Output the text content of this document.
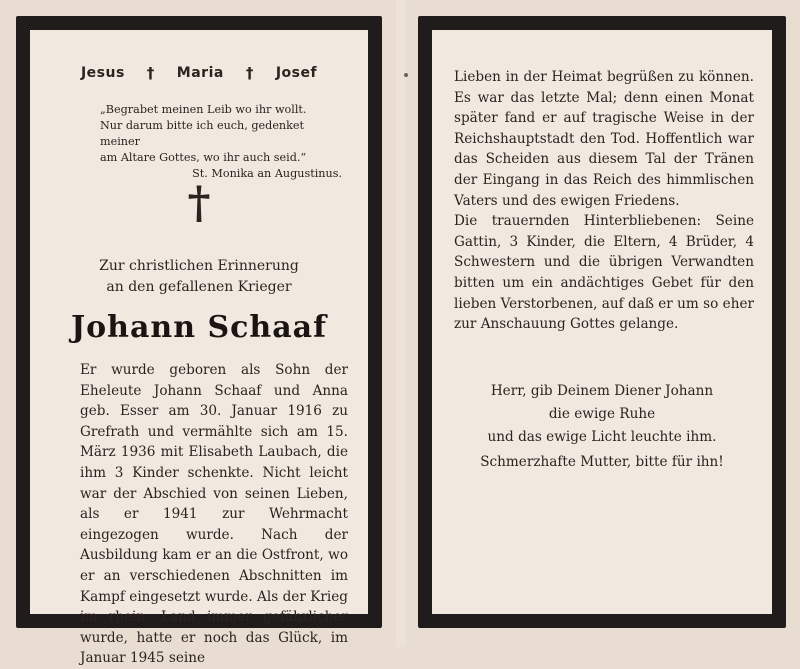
Jesus † Maria † Josef
„Begrabet meinen Leib wo ihr wollt.
Nur darum bitte ich euch, gedenket meiner
am Altare Gottes, wo ihr auch seid.“
St. Monika an Augustinus.
†
Zur christlichen Erinnerung
an den gefallenen Krieger
Johann Schaaf

Er wurde geboren als Sohn der Eheleute Johann Schaaf und Anna geb. Esser am 30. Januar 1916 zu Grefrath und vermählte sich am 15. März 1936 mit Elisabeth Laubach, die ihm 3 Kinder schenkte. Nicht leicht war der Abschied von seinen Lieben, als er 1941 zur Wehrmacht eingezogen wurde. Nach der Ausbildung kam er an die Ostfront, wo er an verschiedenen Abschnitten im Kampf eingesetzt wurde. Als der Krieg im rhein. Land immer gefährlicher wurde, hatte er noch das Glück, im Januar 1945 seine

Lieben in der Heimat begrüßen zu können. Es war das letzte Mal; denn einen Monat später fand er auf tragische Weise in der Reichshauptstadt den Tod. Hoffentlich war das Scheiden aus diesem Tal der Tränen der Eingang in das Reich des himmlischen Vaters und des ewigen Friedens.

Die trauernden Hinterbliebenen: Seine Gattin, 3 Kinder, die Eltern, 4 Brüder, 4 Schwestern und die übrigen Verwandten bitten um ein andächtiges Gebet für den lieben Verstorbenen, auf daß er um so eher zur Anschauung Gottes gelange.

Herr, gib Deinem Diener Johann
die ewige Ruhe
und das ewige Licht leuchte ihm.
Schmerzhafte Mutter, bitte für ihn!
